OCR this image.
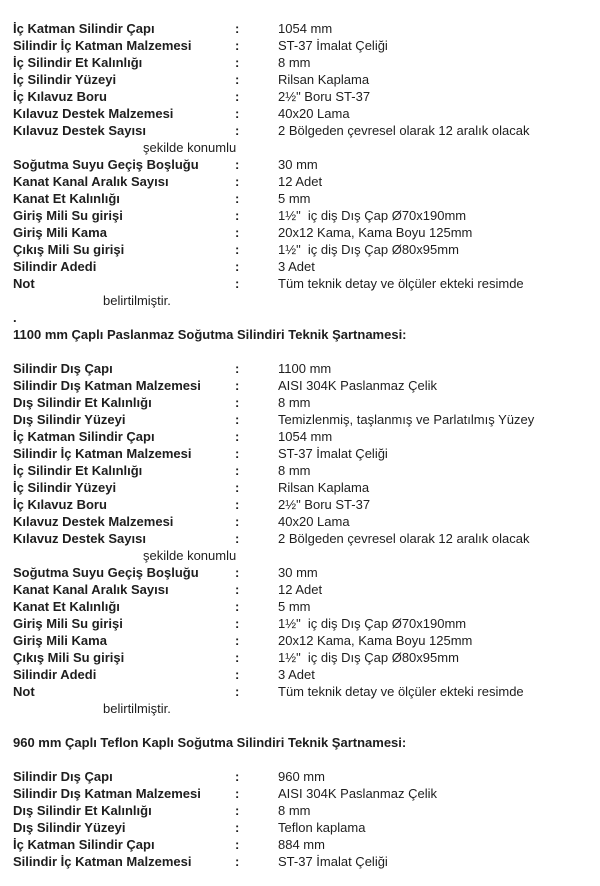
İç Katman Silindir Çapı	:	1054 mm
Silindir İç Katman Malzemesi	:	ST-37 İmalat Çeliği
İç Silindir Et Kalınlığı	:	8 mm
İç Silindir Yüzeyi	:	Rilsan Kaplama
İç Kılavuz Boru	:	2½" Boru ST-37
Kılavuz Destek Malzemesi	:	40x20 Lama
Kılavuz Destek Sayısı	:	2 Bölgeden çevresel olarak 12 aralık olacak
şekilde konumlu
Soğutma Suyu Geçiş Boşluğu	:	30 mm
Kanat Kanal Aralık Sayısı	:	12 Adet
Kanat Et Kalınlığı	:	5 mm
Giriş Mili Su girişi	:	1½"  iç diş Dış Çap Ø70x190mm
Giriş Mili Kama	:	20x12 Kama, Kama Boyu 125mm
Çıkış Mili Su girişi	:	1½"  iç diş Dış Çap Ø80x95mm
Silindir Adedi	:	3 Adet
Not	:	Tüm teknik detay ve ölçüler ekteki resimde
belirtilmiştir.
.
1100 mm Çaplı Paslanmaz Soğutma Silindiri Teknik Şartnamesi:
Silindir Dış Çapı	:	1100 mm
Silindir Dış Katman Malzemesi	:	AISI 304K Paslanmaz Çelik
Dış Silindir Et Kalınlığı	:	8 mm
Dış Silindir Yüzeyi	:	Temizlenmiş, taşlanmış ve Parlatılmış Yüzey
İç Katman Silindir Çapı	:	1054 mm
Silindir İç Katman Malzemesi	:	ST-37 İmalat Çeliği
İç Silindir Et Kalınlığı	:	8 mm
İç Silindir Yüzeyi	:	Rilsan Kaplama
İç Kılavuz Boru	:	2½" Boru ST-37
Kılavuz Destek Malzemesi	:	40x20 Lama
Kılavuz Destek Sayısı	:	2 Bölgeden çevresel olarak 12 aralık olacak
şekilde konumlu
Soğutma Suyu Geçiş Boşluğu	:	30 mm
Kanat Kanal Aralık Sayısı	:	12 Adet
Kanat Et Kalınlığı	:	5 mm
Giriş Mili Su girişi	:	1½"  iç diş Dış Çap Ø70x190mm
Giriş Mili Kama	:	20x12 Kama, Kama Boyu 125mm
Çıkış Mili Su girişi	:	1½"  iç diş Dış Çap Ø80x95mm
Silindir Adedi	:	3 Adet
Not	:	Tüm teknik detay ve ölçüler ekteki resimde
belirtilmiştir.
960 mm Çaplı Teflon Kaplı Soğutma Silindiri Teknik Şartnamesi:
Silindir Dış Çapı	:	960 mm
Silindir Dış Katman Malzemesi	:	AISI 304K Paslanmaz Çelik
Dış Silindir Et Kalınlığı	:	8 mm
Dış Silindir Yüzeyi	:	Teflon kaplama
İç Katman Silindir Çapı	:	884 mm
Silindir İç Katman Malzemesi	:	ST-37 İmalat Çeliği
